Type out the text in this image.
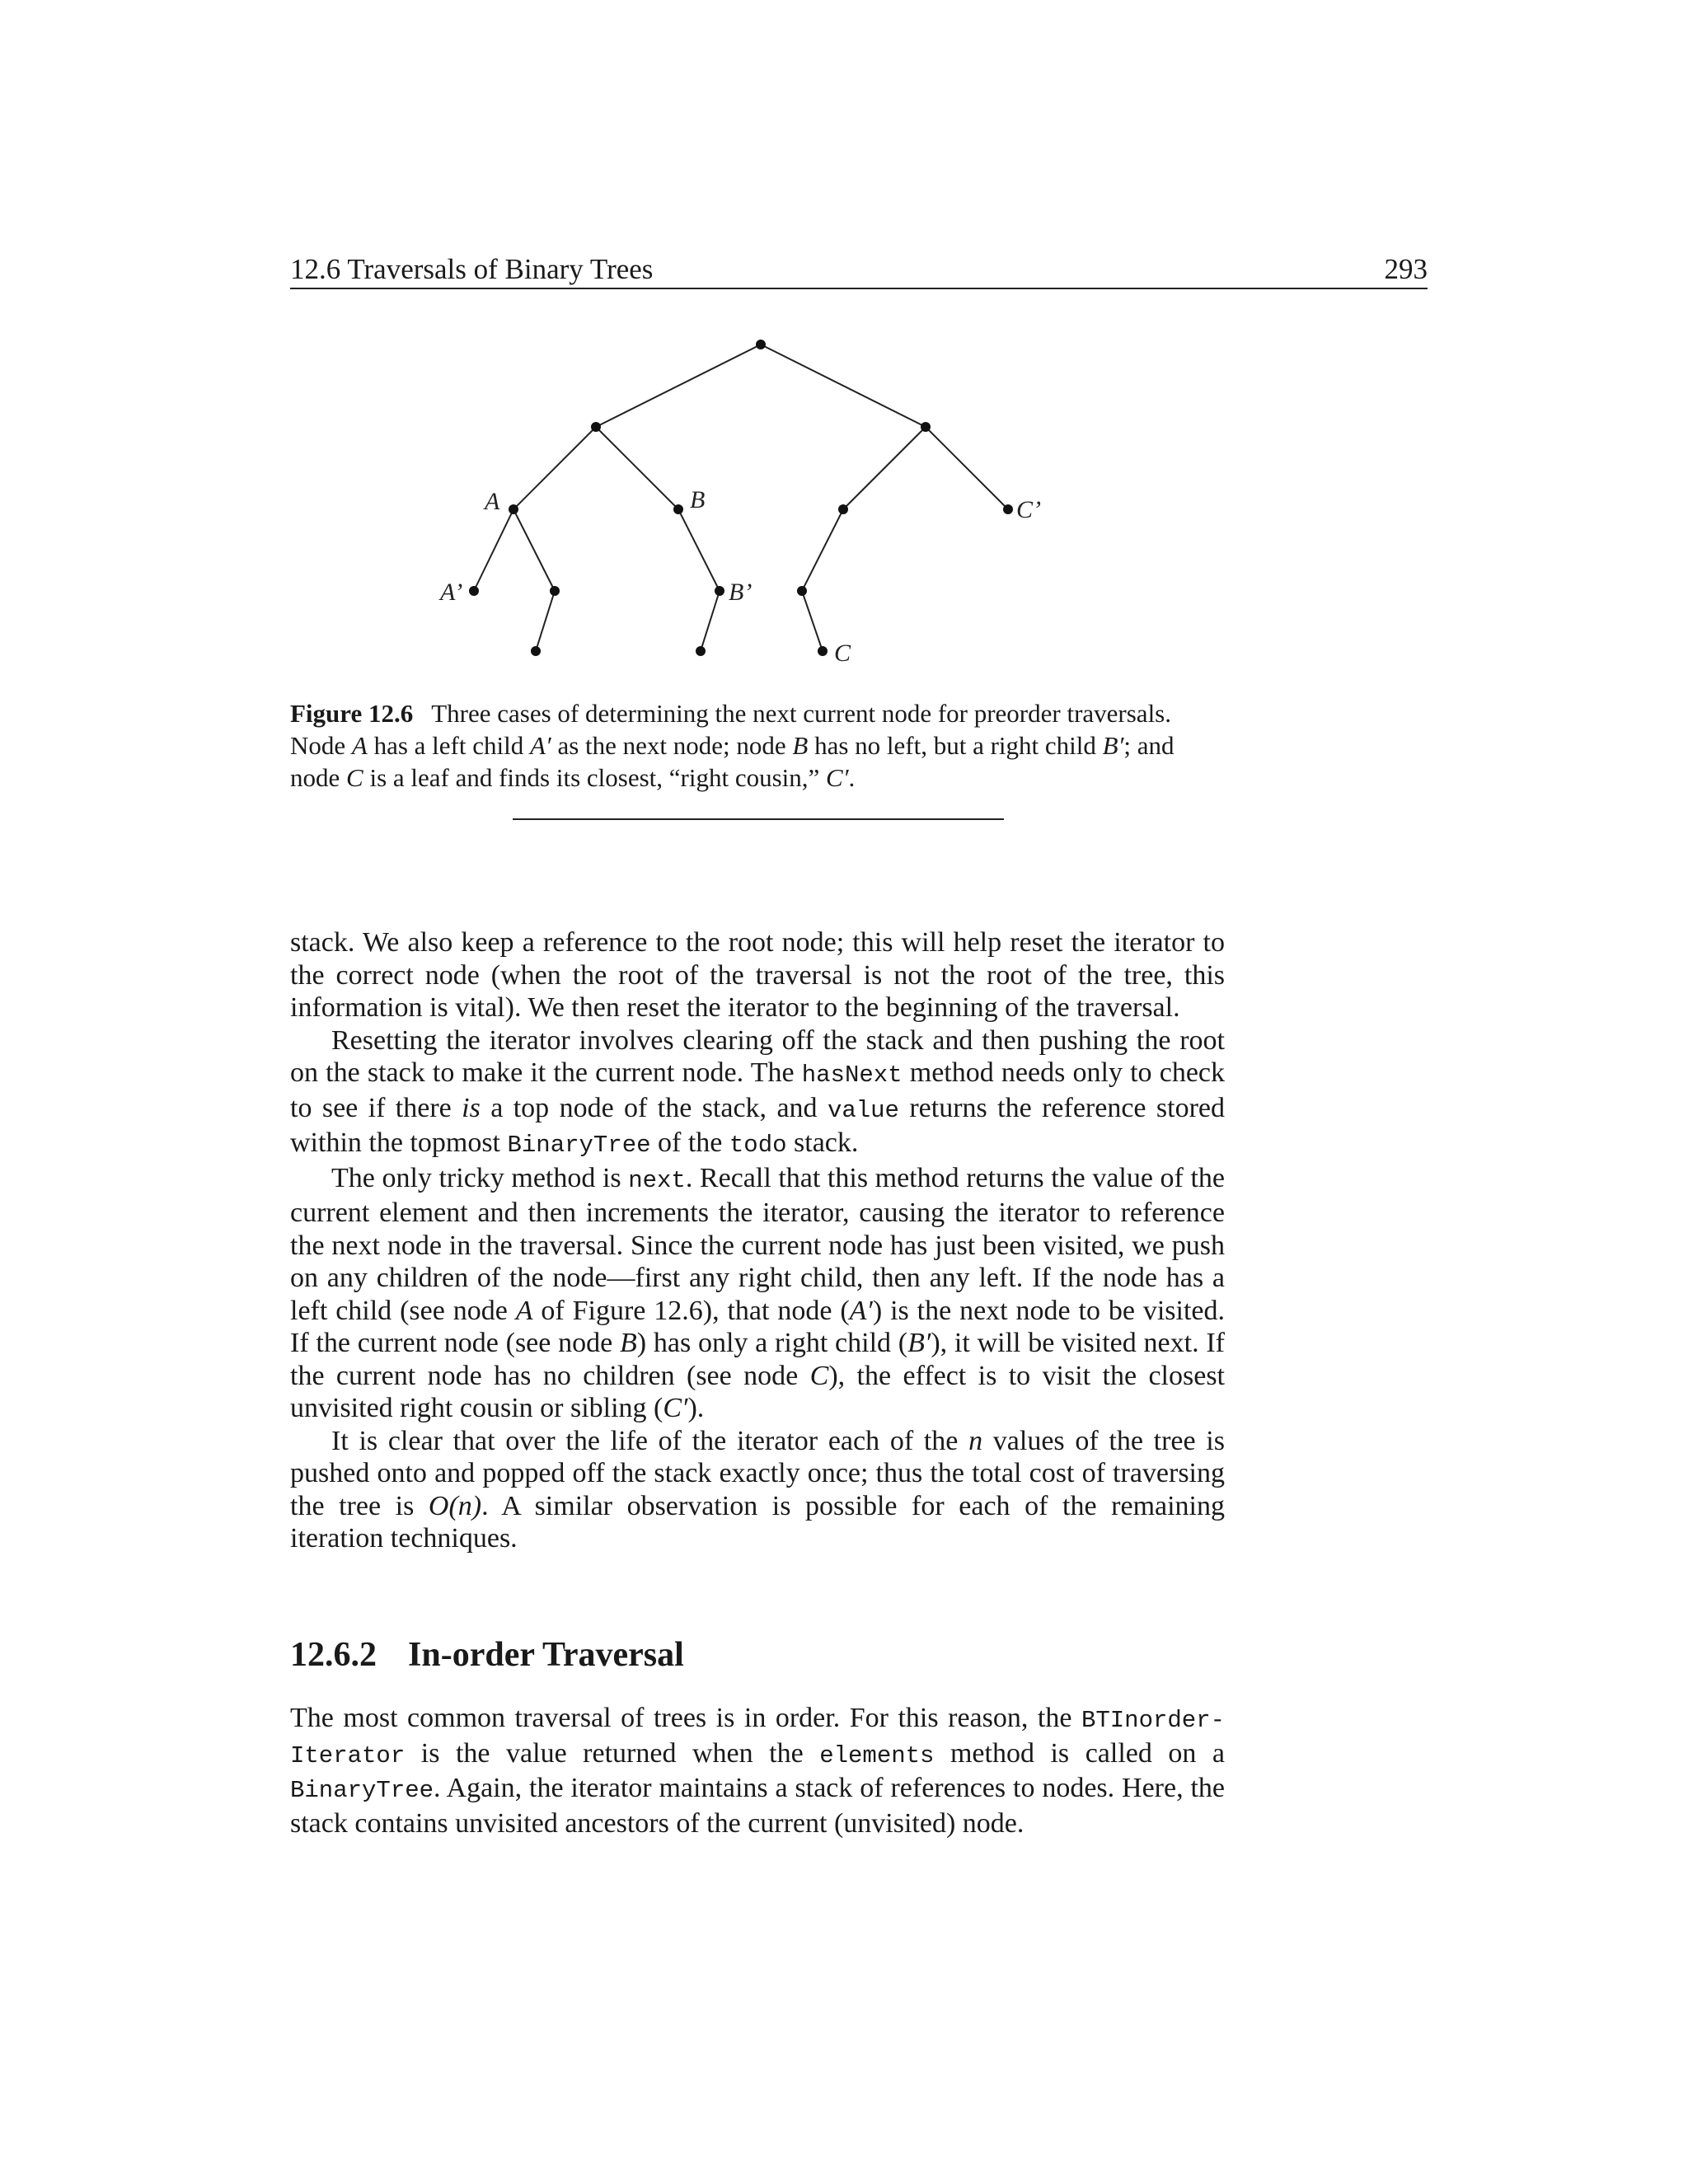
12.6 Traversals of Binary Trees	293
A	B	C’
A’	B’
C
Figure 12.6 Three cases of determining the next current node for preorder traversals. Node A has a left child A′ as the next node; node B has no left, but a right child B′; and node C is a leaf and finds its closest, “right cousin,” C′.

stack. We also keep a reference to the root node; this will help reset the iterator to the correct node (when the root of the traversal is not the root of the tree, this information is vital). We then reset the iterator to the beginning of the traversal.

Resetting the iterator involves clearing off the stack and then pushing the root on the stack to make it the current node. The hasNext method needs only to check to see if there is a top node of the stack, and value returns the reference stored within the topmost BinaryTree of the todo stack.

The only tricky method is next. Recall that this method returns the value of the current element and then increments the iterator, causing the iterator to reference the next node in the traversal. Since the current node has just been visited, we push on any children of the node—first any right child, then any left. If the node has a left child (see node A of Figure 12.6), that node (A′) is the next node to be visited. If the current node (see node B) has only a right child (B′), it will be visited next. If the current node has no children (see node C), the effect is to visit the closest unvisited right cousin or sibling (C′).

It is clear that over the life of the iterator each of the n values of the tree is pushed onto and popped off the stack exactly once; thus the total cost of traversing the tree is O(n). A similar observation is possible for each of the remaining iteration techniques.

12.6.2 In-order Traversal

The most common traversal of trees is in order. For this reason, the BTInorder-Iterator is the value returned when the elements method is called on a BinaryTree. Again, the iterator maintains a stack of references to nodes. Here, the stack contains unvisited ancestors of the current (unvisited) node.
